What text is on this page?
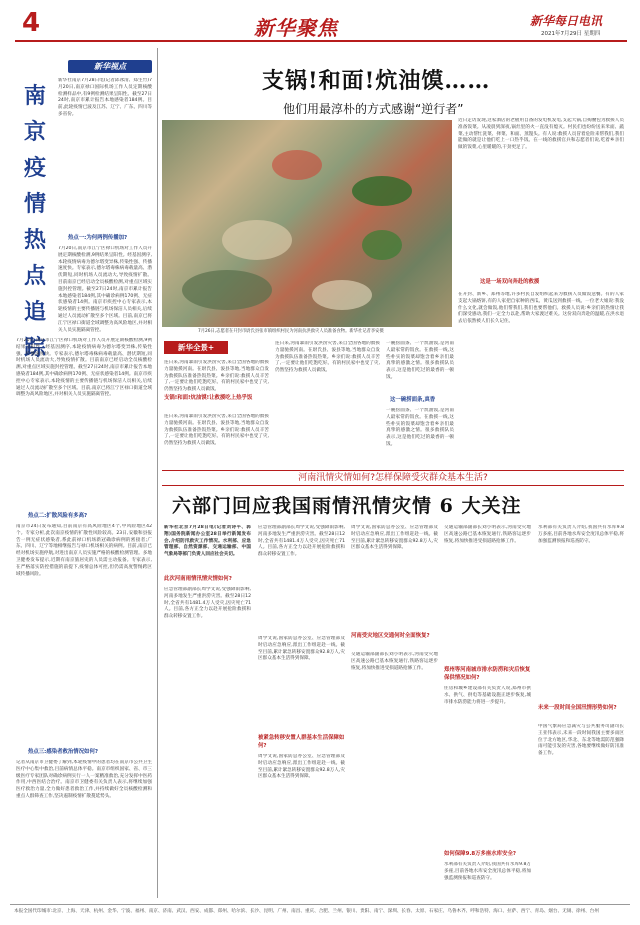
4	新华聚焦	新华每日电讯
2021年7月29日 星期四
新华视点
南
京
疫
情
热
点
追
踪
新华社南京7月28日电(记者邱冰清、郑生竹)7月20日,南京禄口国际机场工作人员定期核酸检测样品中,有9例检测结果呈阳性。截至27日24时,南京市累计报告本地感染者184例。目前,此轮疫情已波及江苏、辽宁、广东、四川等多省份。
热点一:为何两例传播加?
7月20日,南京市江宁区禄口机场对工作人员开展定期核酸检测,9例结果呈阳性。经基因测序,本轮疫情病毒为德尔塔变异株,传染性强、传播速度快。专家表示,德尔塔毒株病毒载量高、潜伏期短,同时机场人员流动大,导致疫情扩散。目前南京已经启动全员核酸检测,对重点区域实施封控管理。截至27日24时,南京市累计报告本地感染者184例,其中确诊病例170例、无症状感染者14例。南京市疾控中心专家表示,本轮疫情的主要传播链与机场保洁人员相关,后续通过人员流动扩散至多个区域。目前,南京已将江宁区禄口街道全域调整为高风险地区,并对相关人员实施隔离管控。
7月20日,南京市江宁区禄口机场对工作人员开展定期核酸检测,9例结果呈阳性。经基因测序,本轮疫情病毒为德尔塔变异株,传染性强、传播速度快。专家表示,德尔塔毒株病毒载量高、潜伏期短,同时机场人员流动大,导致疫情扩散。目前南京已经启动全员核酸检测,对重点区域实施封控管理。截至27日24时,南京市累计报告本地感染者184例,其中确诊病例170例、无症状感染者14例。南京市疾控中心专家表示,本轮疫情的主要传播链与机场保洁人员相关,后续通过人员流动扩散至多个区域。目前,南京已将江宁区禄口街道全域调整为高风险地区,并对相关人员实施隔离管控。
热点二:扩散风险有多高?
南京市24日发布通知,目前南京有高风险地区4个,中风险地区42个。专家分析,此次南京疫情的扩散性风险较高。23日,安徽和县报告一例无症状感染者,系此前禄口机场新冠确诊病例的密接者;广东、四川、辽宁等地相继报告与禄口机场相关的病例。目前,南京已经对机场实施停航,对进出南京人员实施严格的核酸检测管理。多地卫健委发布提示,近期有南京旅居史的人员需主动报备。专家表示,在严格落实防控措施的前提下,疫情总体可控,但仍需高度警惕跨区域传播风险。
热点三:感染者救治情况如何?
记者从南京市卫健委了解到,本轮疫情中的患者均在南京市公共卫生医疗中心集中救治,目前病情总体平稳。南京市组织国家、省、市三级医疗专家团队对确诊病例实行一人一案精准救治,充分发挥中医药作用,中西医结合治疗。南京市卫健委有关负责人表示,将继续加强医疗救治力量,全力做好患者救治工作,并持续做好全员核酸检测和重点人群筛查工作,坚决遏制疫情扩散蔓延势头。
支锅!和面!炕油馍……
他们用最淳朴的方式感谢“逆行者”
7月26日,志愿者在开封市尉氏县张市镇组织村民为河南抗洪救灾人员准备食物。新华社记者李安摄
近日走访发现,这家酒店的老板用自备的发电机发电,支起大锅,自掏腰包为救援人员准备饭菜。从凌晨到深夜,锅灶里的火一直没有熄灭。村民们也纷纷送来米面、蔬菜,主动帮忙洗菜、择菜、和面、蒸馒头。有人说:救援人员冒着危险来帮我们,我们能做的就是让他们吃上一口热乎饭。在一线的救援官兵和志愿者们说,吃着乡亲们做的饭菜,心里暖暖的,干劲更足了。
这是一场双向奔赴的救援
在开封、新乡、郑州等地,许多村民自发组织起来为救援人员做饭送餐。有的人家支起大锅烙饼,有的人家把自家种的西瓜、黄瓜送到救援一线。一位老大娘说:我没什么文化,就会做饭,他们帮我们,我们也要帮他们。救援人员说:乡亲们的热情让我们深受感动,我们一定全力以赴,帮助大家渡过难关。这份双向奔赴的温暖,在洪水退去后依然被人们长久记住。
新华全景+
支锅!和面!炕油馍!让救援吃上热乎饭
连日来,河南暴雨引发洪涝灾害,来自全国各地的救援力量驰援河南。在尉氏县、浚县等地,当地群众自发为救援队伍准备热饭热菜。乡亲们说:救援人员辛苦了,一定要让他们吃饱吃好。有的村民家中也受了灾,仍然坚持为救援人员做饭。
连日来,河南暴雨引发洪涝灾害,来自全国各地的救援力量驰援河南。在尉氏县、浚县等地,当地群众自发为救援队伍准备热饭热菜。乡亲们说:救援人员辛苦了,一定要让他们吃饱吃好。有的村民家中也受了灾,仍然坚持为救援人员做饭。
连日来,河南暴雨引发洪涝灾害,来自全国各地的救援力量驰援河南。在尉氏县、浚县等地,当地群众自发为救援队伍准备热饭热菜。乡亲们说:救援人员辛苦了,一定要让他们吃饱吃好。有的村民家中也受了灾,仍然坚持为救援人员做饭。
这一碗捞面条,真香
一碗捞面条、一个炕油馍,是河南人最家常的饭食。在救援一线,这些朴实的饭菜却饱含着乡亲们最真挚的感激之情。很多救援队员表示,这是他们吃过的最香的一顿饭。
一碗捞面条、一个炕油馍,是河南人最家常的饭食。在救援一线,这些朴实的饭菜却饱含着乡亲们最真挚的感激之情。很多救援队员表示,这是他们吃过的最香的一顿饭。
河南汛情灾情如何?怎样保障受灾群众基本生活?
六部门回应我国雨情汛情灾情 6 大关注
新华社北京7月28日电(记者刘诗平、郭翔)国务院新闻办公室28日举行新闻发布会,介绍防汛救灾工作情况。水利部、应急管理部、自然资源部、交通运输部、中国气象局等部门负责人回应社会关切。
此次河南雨情汛情灾情如何?
应急管理部副部长周学文说,受强降雨影响,河南多地发生严重洪涝灾害。截至28日12时,全省共有1481.4万人受灾,因灾死亡71人。目前,各方正全力以赴开展抢险救援和群众转移安置工作。
应急管理部副部长周学文说,受强降雨影响,河南多地发生严重洪涝灾害。截至28日12时,全省共有1481.4万人受灾,因灾死亡71人。目前,各方正全力以赴开展抢险救援和群众转移安置工作。
周学文说,国家防总办公室、应急管理部及时启动应急响应,派出工作组赶赴一线。截至目前,累计紧急转移安置群众92.8万人,灾区群众基本生活得到保障。
被紧急转移安置人群基本生活保障如何?
周学文说,国家防总办公室、应急管理部及时启动应急响应,派出工作组赶赴一线。截至目前,累计紧急转移安置群众92.8万人,灾区群众基本生活得到保障。
周学文说,国家防总办公室、应急管理部及时启动应急响应,派出工作组赶赴一线。截至目前,累计紧急转移安置群众92.8万人,灾区群众基本生活得到保障。
河南受灾地区交通何时全面恢复?
交通运输部副部长刘小明表示,河南受灾地区高速公路已基本恢复通行,铁路客运逐步恢复,将加快推进受损道路抢修工作。
交通运输部副部长刘小明表示,河南受灾地区高速公路已基本恢复通行,铁路客运逐步恢复,将加快推进受损道路抢修工作。
郑州等河南城市排水防涝和灾后恢复保供情况如何?
住房和城乡建设部有关负责人说,郑州市供水、供气、供电等基础设施正逐步恢复,城市排水防涝能力将进一步提升。
如何保障9.8万多座水库安全?
水利部有关负责人介绍,我国共有水库9.8万多座,目前各地水库安全度汛总体平稳,将加强监测预报和巡查防守。
水利部有关负责人介绍,我国共有水库9.8万多座,目前各地水库安全度汛总体平稳,将加强监测预报和巡查防守。
未来一段时间全国汛情形势如何?
中国气象局应急减灾与公共服务司副司长王亚伟表示,未来一段时间我国主要多雨区位于北方地区,华北、东北等地需防范强降雨可能引发的灾害,各地要继续做好防汛准备工作。
本报全国代印城市:北京、上海、天津、杭州、金华、宁波、福州、南京、济南、武汉、西安、成都、郑州、哈尔滨、长沙、昆明、广州、南昌、重庆、合肥、兰州、银川、贵阳、南宁、深圳、长春、太原、石家庄、乌鲁木齐、呼和浩特、海口、拉萨、西宁、青岛、烟台、无锡、徐州、台州
